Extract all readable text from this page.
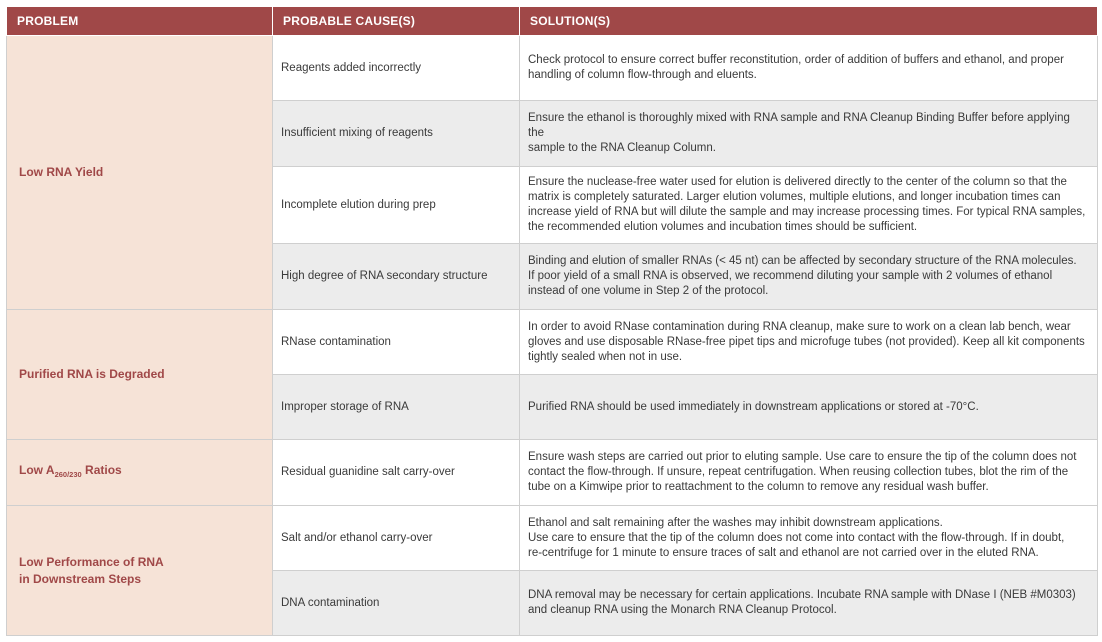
PROBLEM	PROBABLE CAUSE(S)	SOLUTION(S)
Low RNA Yield	Reagents added incorrectly	Check protocol to ensure correct buffer reconstitution, order of addition of buffers and ethanol, and proper
handling of column flow-through and eluents.
	Insufficient mixing of reagents	Ensure the ethanol is thoroughly mixed with RNA sample and RNA Cleanup Binding Buffer before applying the
sample to the RNA Cleanup Column.
	Incomplete elution during prep	Ensure the nuclease-free water used for elution is delivered directly to the center of the column so that the
matrix is completely saturated. Larger elution volumes, multiple elutions, and longer incubation times can
increase yield of RNA but will dilute the sample and may increase processing times. For typical RNA samples,
the recommended elution volumes and incubation times should be sufficient.
	High degree of RNA secondary structure	Binding and elution of smaller RNAs (< 45 nt) can be affected by secondary structure of the RNA molecules.
If poor yield of a small RNA is observed, we recommend diluting your sample with 2 volumes of ethanol
instead of one volume in Step 2 of the protocol.
Purified RNA is Degraded	RNase contamination	In order to avoid RNase contamination during RNA cleanup, make sure to work on a clean lab bench, wear
gloves and use disposable RNase-free pipet tips and microfuge tubes (not provided). Keep all kit components
tightly sealed when not in use.
	Improper storage of RNA	Purified RNA should be used immediately in downstream applications or stored at -70°C.
Low $A_{260/230}$ Ratios	Residual guanidine salt carry-over	Ensure wash steps are carried out prior to eluting sample. Use care to ensure the tip of the column does not
contact the flow-through. If unsure, repeat centrifugation. When reusing collection tubes, blot the rim of the
tube on a Kimwipe prior to reattachment to the column to remove any residual wash buffer.
Low Performance of RNA
in Downstream Steps	Salt and/or ethanol carry-over	Ethanol and salt remaining after the washes may inhibit downstream applications.
Use care to ensure that the tip of the column does not come into contact with the flow-through. If in doubt,
re-centrifuge for 1 minute to ensure traces of salt and ethanol are not carried over in the eluted RNA.
	DNA contamination	DNA removal may be necessary for certain applications. Incubate RNA sample with DNase I (NEB #M0303)
and cleanup RNA using the Monarch RNA Cleanup Protocol.
